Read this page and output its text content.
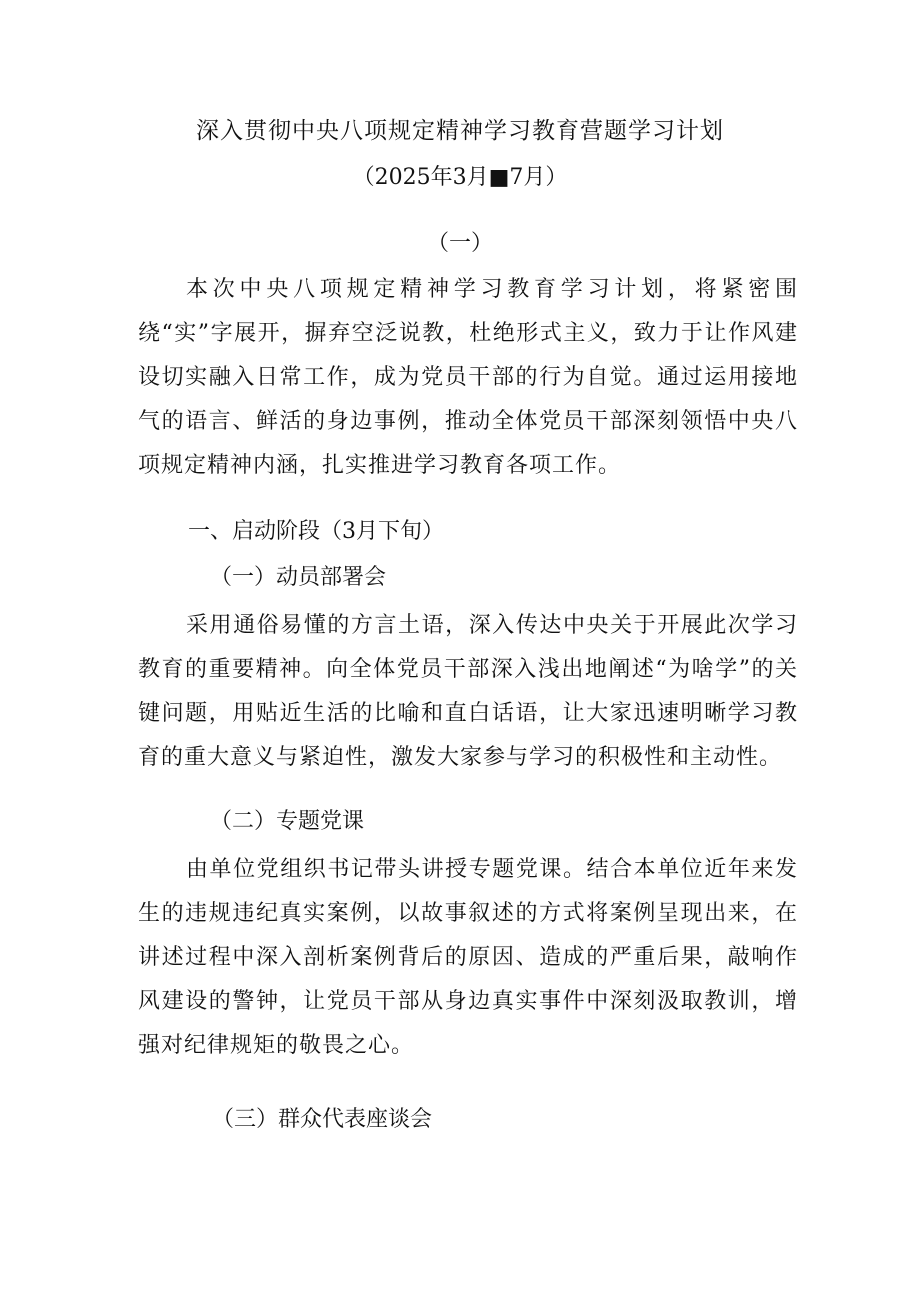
深入贯彻中央八项规定精神学习教育营题学习计划
（2025年3月■7月）
（一）

本次中央八项规定精神学习教育学习计划，将紧密围绕“实”字展开，摒弃空泛说教，杜绝形式主义，致力于让作风建设切实融入日常工作，成为党员干部的行为自觉。通过运用接地气的语言、鲜活的身边事例，推动全体党员干部深刻领悟中央八项规定精神内涵，扎实推进学习教育各项工作。

一、启动阶段（3月下旬）

（一）动员部署会

采用通俗易懂的方言土语，深入传达中央关于开展此次学习教育的重要精神。向全体党员干部深入浅出地阐述“为啥学”的关键问题，用贴近生活的比喻和直白话语，让大家迅速明晰学习教育的重大意义与紧迫性，激发大家参与学习的积极性和主动性。

（二）专题党课

由单位党组织书记带头讲授专题党课。结合本单位近年来发生的违规违纪真实案例，以故事叙述的方式将案例呈现出来，在讲述过程中深入剖析案例背后的原因、造成的严重后果，敲响作风建设的警钟，让党员干部从身边真实事件中深刻汲取教训，增强对纪律规矩的敬畏之心。

（三）群众代表座谈会
